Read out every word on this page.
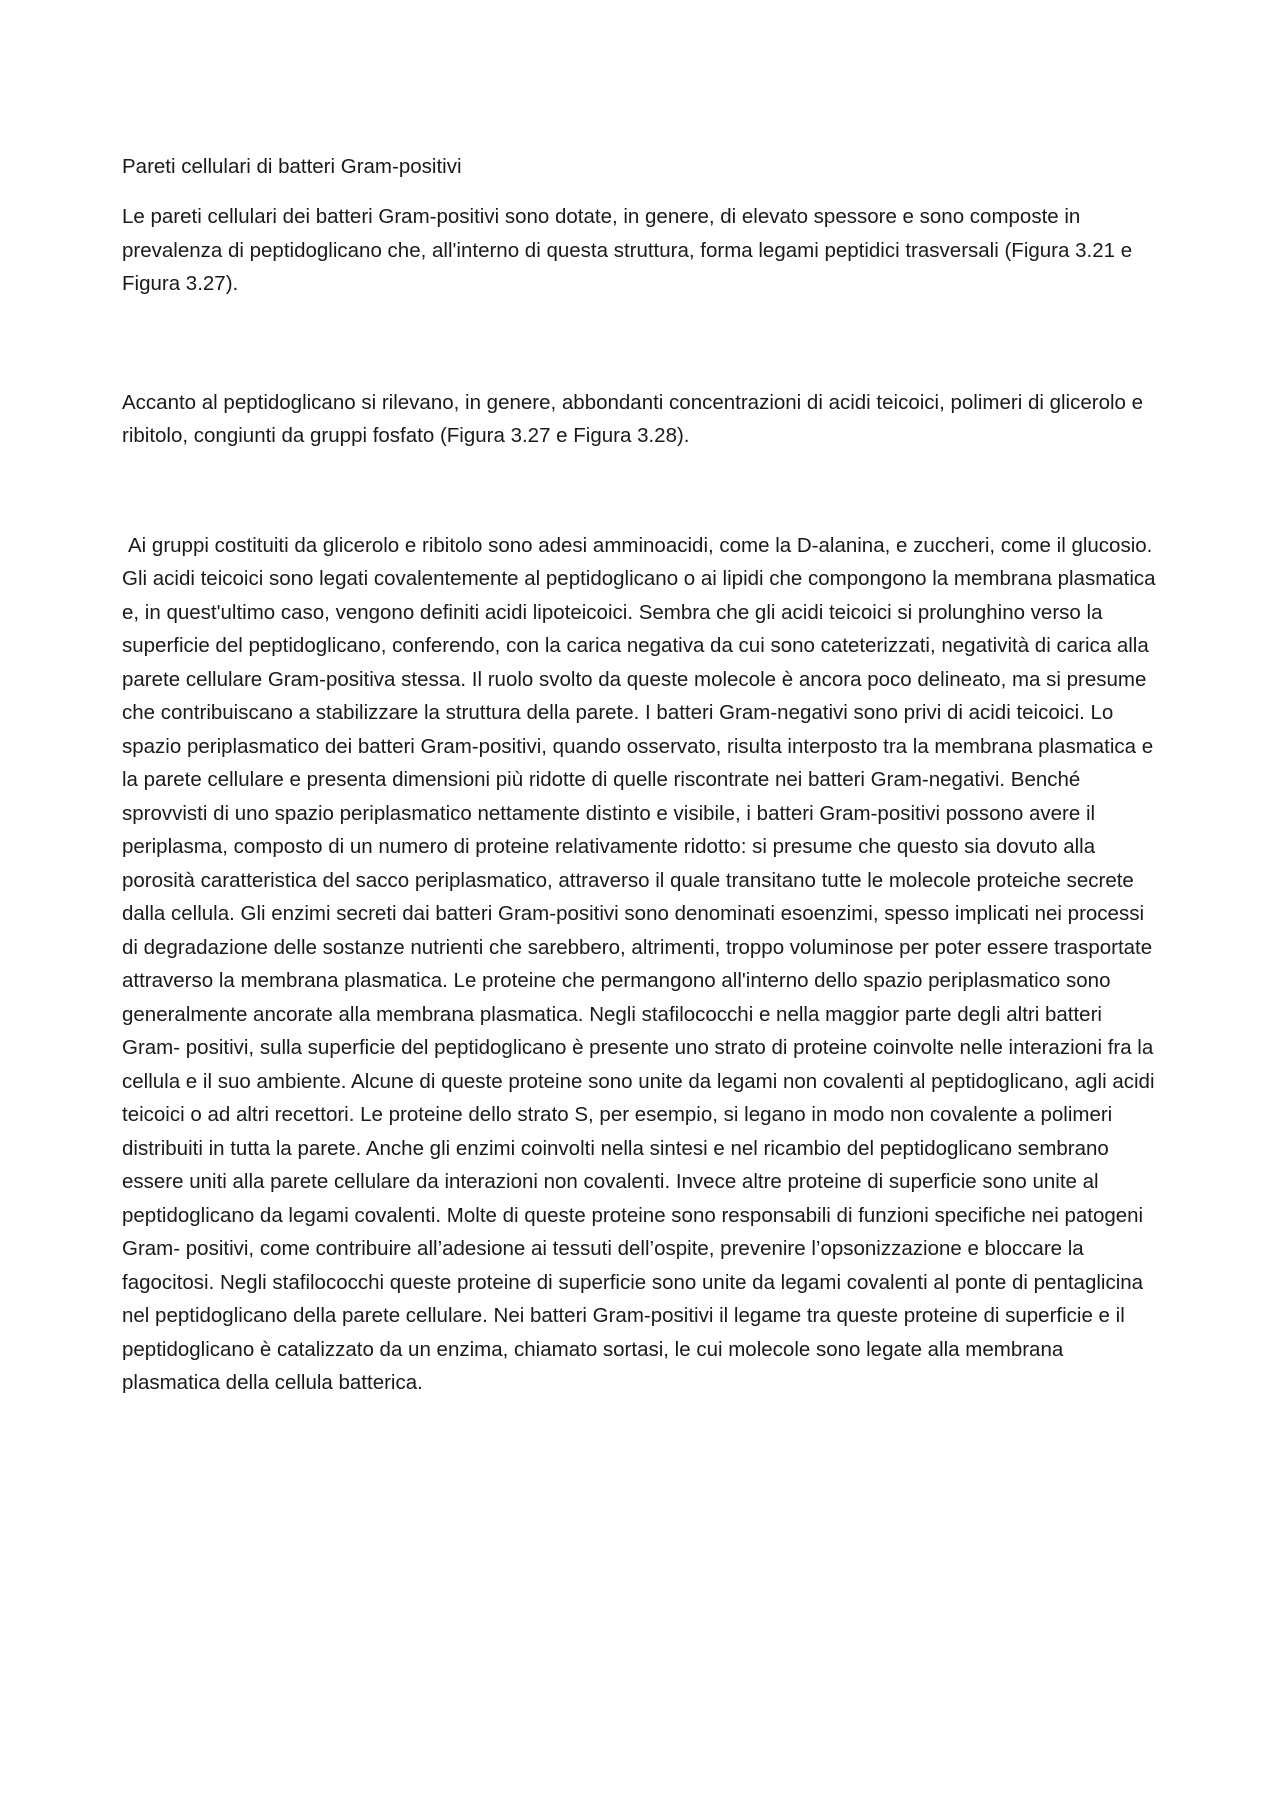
Pareti cellulari di batteri Gram-positivi

Le pareti cellulari dei batteri Gram-positivi sono dotate, in genere, di elevato spessore e sono composte in prevalenza di peptidoglicano che, all'interno di questa struttura, forma legami peptidici trasversali (Figura 3.21 e Figura 3.27).

Accanto al peptidoglicano si rilevano, in genere, abbondanti concentrazioni di acidi teicoici, polimeri di glicerolo e ribitolo, congiunti da gruppi fosfato (Figura 3.27 e Figura 3.28).

Ai gruppi costituiti da glicerolo e ribitolo sono adesi amminoacidi, come la D-alanina, e zuccheri, come il glucosio. Gli acidi teicoici sono legati covalentemente al peptidoglicano o ai lipidi che compongono la membrana plasmatica e, in quest'ultimo caso, vengono definiti acidi lipoteicoici. Sembra che gli acidi teicoici si prolunghino verso la superficie del peptidoglicano, conferendo, con la carica negativa da cui sono cateterizzati, negatività di carica alla parete cellulare Gram-positiva stessa. Il ruolo svolto da queste molecole è ancora poco delineato, ma si presume che contribuiscano a stabilizzare la struttura della parete. I batteri Gram-negativi sono privi di acidi teicoici. Lo spazio periplasmatico dei batteri Gram-positivi, quando osservato, risulta interposto tra la membrana plasmatica e la parete cellulare e presenta dimensioni più ridotte di quelle riscontrate nei batteri Gram-negativi. Benché sprovvisti di uno spazio periplasmatico nettamente distinto e visibile, i batteri Gram-positivi possono avere il periplasma, composto di un numero di proteine relativamente ridotto: si presume che questo sia dovuto alla porosità caratteristica del sacco periplasmatico, attraverso il quale transitano tutte le molecole proteiche secrete dalla cellula. Gli enzimi secreti dai batteri Gram-positivi sono denominati esoenzimi, spesso implicati nei processi di degradazione delle sostanze nutrienti che sarebbero, altrimenti, troppo voluminose per poter essere trasportate attraverso la membrana plasmatica. Le proteine che permangono all'interno dello spazio periplasmatico sono generalmente ancorate alla membrana plasmatica. Negli stafilococchi e nella maggior parte degli altri batteri Gram- positivi, sulla superficie del peptidoglicano è presente uno strato di proteine coinvolte nelle interazioni fra la cellula e il suo ambiente. Alcune di queste proteine sono unite da legami non covalenti al peptidoglicano, agli acidi teicoici o ad altri recettori. Le proteine dello strato S, per esempio, si legano in modo non covalente a polimeri distribuiti in tutta la parete. Anche gli enzimi coinvolti nella sintesi e nel ricambio del peptidoglicano sembrano essere uniti alla parete cellulare da interazioni non covalenti. Invece altre proteine di superficie sono unite al peptidoglicano da legami covalenti. Molte di queste proteine sono responsabili di funzioni specifiche nei patogeni Gram- positivi, come contribuire all’adesione ai tessuti dell’ospite, prevenire l’opsonizzazione e bloccare la fagocitosi. Negli stafilococchi queste proteine di superficie sono unite da legami covalenti al ponte di pentaglicina nel peptidoglicano della parete cellulare. Nei batteri Gram-positivi il legame tra queste proteine di superficie e il peptidoglicano è catalizzato da un enzima, chiamato sortasi, le cui molecole sono legate alla membrana plasmatica della cellula batterica.
